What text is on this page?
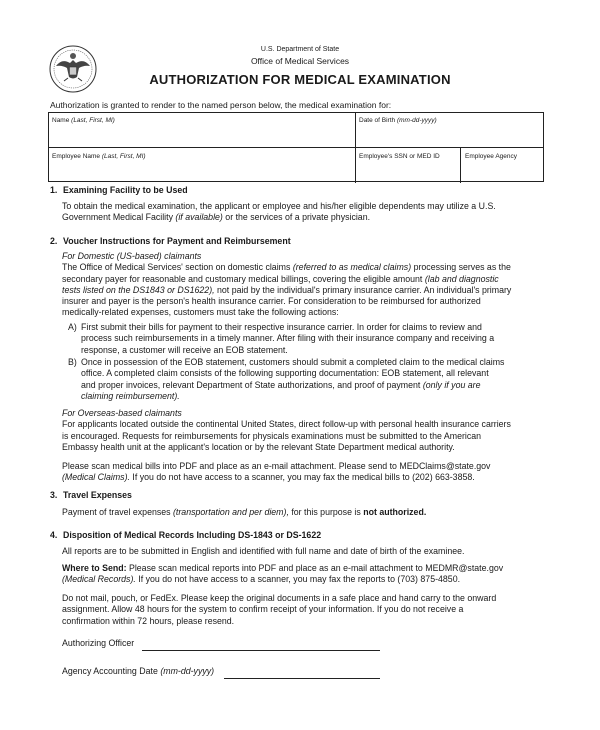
U.S. Department of State
Office of Medical Services
AUTHORIZATION FOR MEDICAL EXAMINATION
Authorization is granted to render to the named person below, the medical examination for:
Name (Last, First, MI)	Date of Birth (mm-dd-yyyy)
Employee Name (Last, First, MI)	Employee's SSN or MED ID	Employee Agency
1. Examining Facility to be Used
To obtain the medical examination, the applicant or employee and his/her eligible dependents may utilize a U.S.
Government Medical Facility (if available) or the services of a private physician.
2. Voucher Instructions for Payment and Reimbursement
For Domestic (US-based) claimants
The Office of Medical Services' section on domestic claims (referred to as medical claims) processing serves as the
secondary payer for reasonable and customary medical billings, covering the eligible amount (lab and diagnostic
tests listed on the DS1843 or DS1622), not paid by the individual's primary insurance carrier. An individual's primary
insurer and payer is the person's health insurance carrier. For consideration to be reimbursed for authorized
medically-related expenses, customers must take the following actions:
A) First submit their bills for payment to their respective insurance carrier. In order for claims to review and
process such reimbursements in a timely manner. After filing with their insurance company and receiving a
response, a customer will receive an EOB statement.
B) Once in possession of the EOB statement, customers should submit a completed claim to the medical claims
office. A completed claim consists of the following supporting documentation: EOB statement, all relevant
and proper invoices, relevant Department of State authorizations, and proof of payment (only if you are
claiming reimbursement).
For Overseas-based claimants
For applicants located outside the continental United States, direct follow-up with personal health insurance carriers
is encouraged. Requests for reimbursements for physicals examinations must be submitted to the American
Embassy health unit at the applicant's location or by the relevant State Department medical authority.
Please scan medical bills into PDF and place as an e-mail attachment. Please send to MEDClaims@state.gov
(Medical Claims). If you do not have access to a scanner, you may fax the medical bills to (202) 663-3858.
3. Travel Expenses
Payment of travel expenses (transportation and per diem), for this purpose is not authorized.
4. Disposition of Medical Records Including DS-1843 or DS-1622
All reports are to be submitted in English and identified with full name and date of birth of the examinee.
Where to Send: Please scan medical reports into PDF and place as an e-mail attachment to MEDMR@state.gov
(Medical Records). If you do not have access to a scanner, you may fax the reports to (703) 875-4850.
Do not mail, pouch, or FedEx. Please keep the original documents in a safe place and hand carry to the onward
assignment. Allow 48 hours for the system to confirm receipt of your information. If you do not receive a
confirmation within 72 hours, please resend.
Authorizing Officer
Agency Accounting Date (mm-dd-yyyy)
